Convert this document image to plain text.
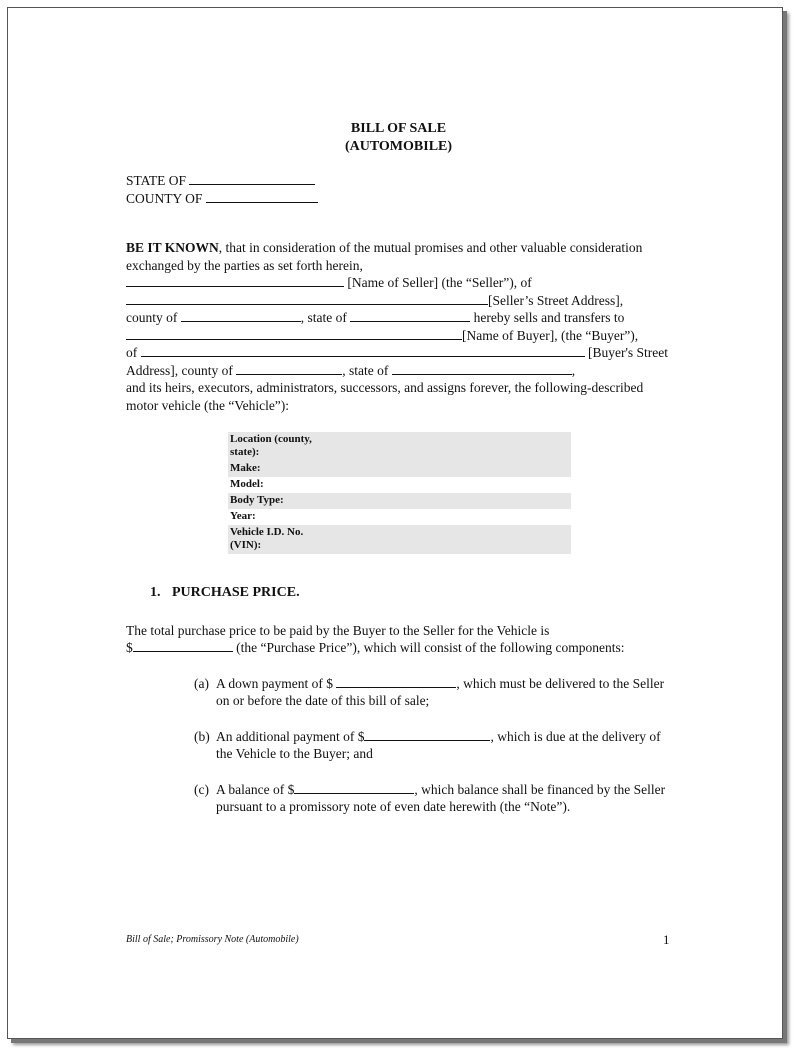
BILL OF SALE
(AUTOMOBILE)
STATE OF
COUNTY OF
BE IT KNOWN, that in consideration of the mutual promises and other valuable consideration exchanged by the parties as set forth herein,
[Name of Seller] (the “Seller”), of
[Seller’s Street Address],
county of	, state of	hereby sells and transfers to
[Name of Buyer], (the “Buyer”),
of	[Buyer's Street Address], county of	, state of	,
and its heirs, executors, administrators, successors, and assigns forever, the following-described motor vehicle (the “Vehicle”):
Location (county, state):	
Make:	
Model:	
Body Type:	
Year:	
Vehicle I.D. No. (VIN):	
1. PURCHASE PRICE.
The total purchase price to be paid by the Buyer to the Seller for the Vehicle is
$	(the “Purchase Price”), which will consist of the following components:
(a) A down payment of $	, which must be delivered to the Seller on or before the date of this bill of sale;
(b) An additional payment of $	, which is due at the delivery of the Vehicle to the Buyer; and
(c) A balance of $	, which balance shall be financed by the Seller pursuant to a promissory note of even date herewith (the “Note”).
Bill of Sale; Promissory Note (Automobile)	1
